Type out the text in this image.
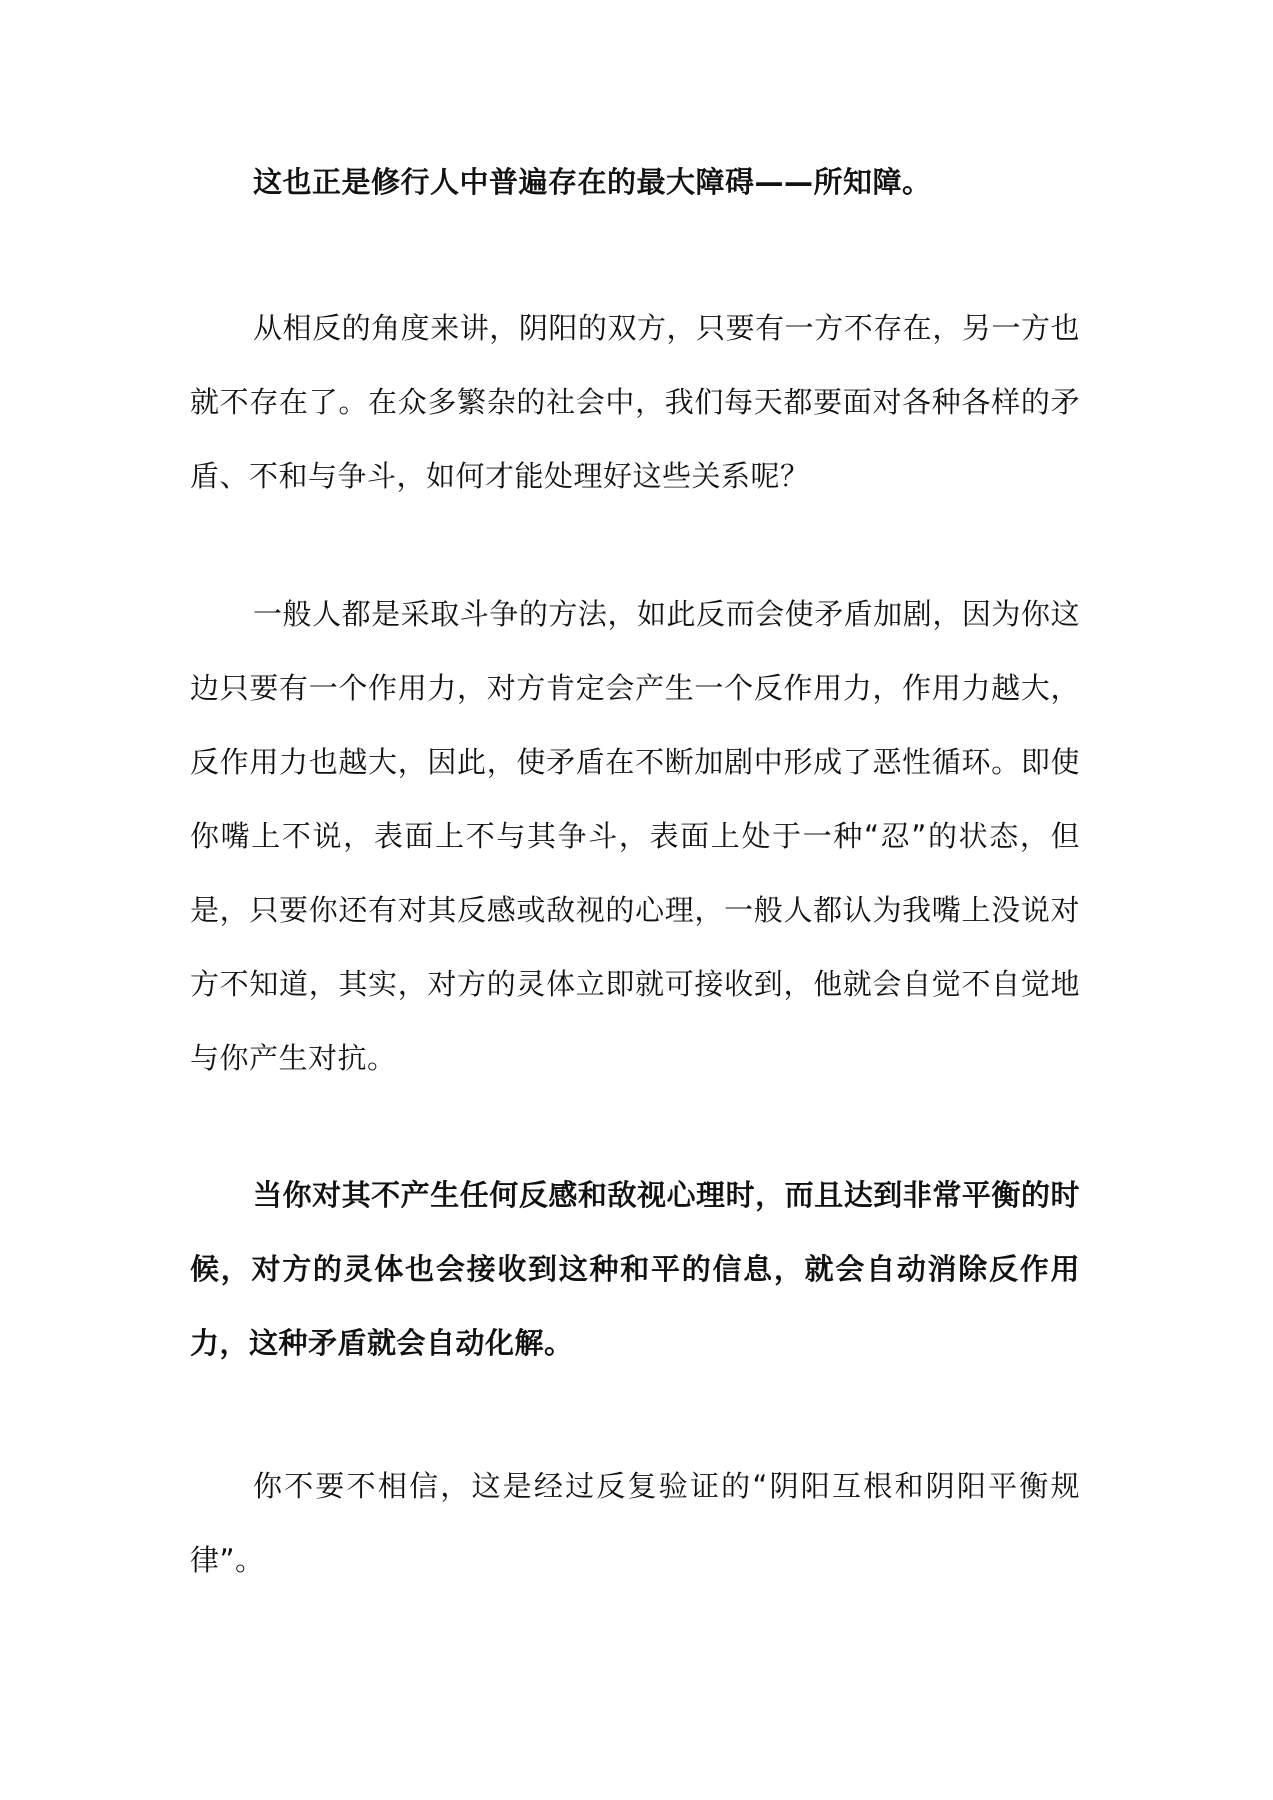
这也正是修行人中普遍存在的最大障碍——所知障。

从相反的角度来讲，阴阳的双方，只要有一方不存在，另一方也就不存在了。在众多繁杂的社会中，我们每天都要面对各种各样的矛盾、不和与争斗，如何才能处理好这些关系呢？

一般人都是采取斗争的方法，如此反而会使矛盾加剧，因为你这边只要有一个作用力，对方肯定会产生一个反作用力，作用力越大，反作用力也越大，因此，使矛盾在不断加剧中形成了恶性循环。即使你嘴上不说，表面上不与其争斗，表面上处于一种“忍”的状态，但是，只要你还有对其反感或敌视的心理，一般人都认为我嘴上没说对方不知道，其实，对方的灵体立即就可接收到，他就会自觉不自觉地与你产生对抗。

当你对其不产生任何反感和敌视心理时，而且达到非常平衡的时候，对方的灵体也会接收到这种和平的信息，就会自动消除反作用力，这种矛盾就会自动化解。

你不要不相信，这是经过反复验证的“阴阳互根和阴阳平衡规律”。
